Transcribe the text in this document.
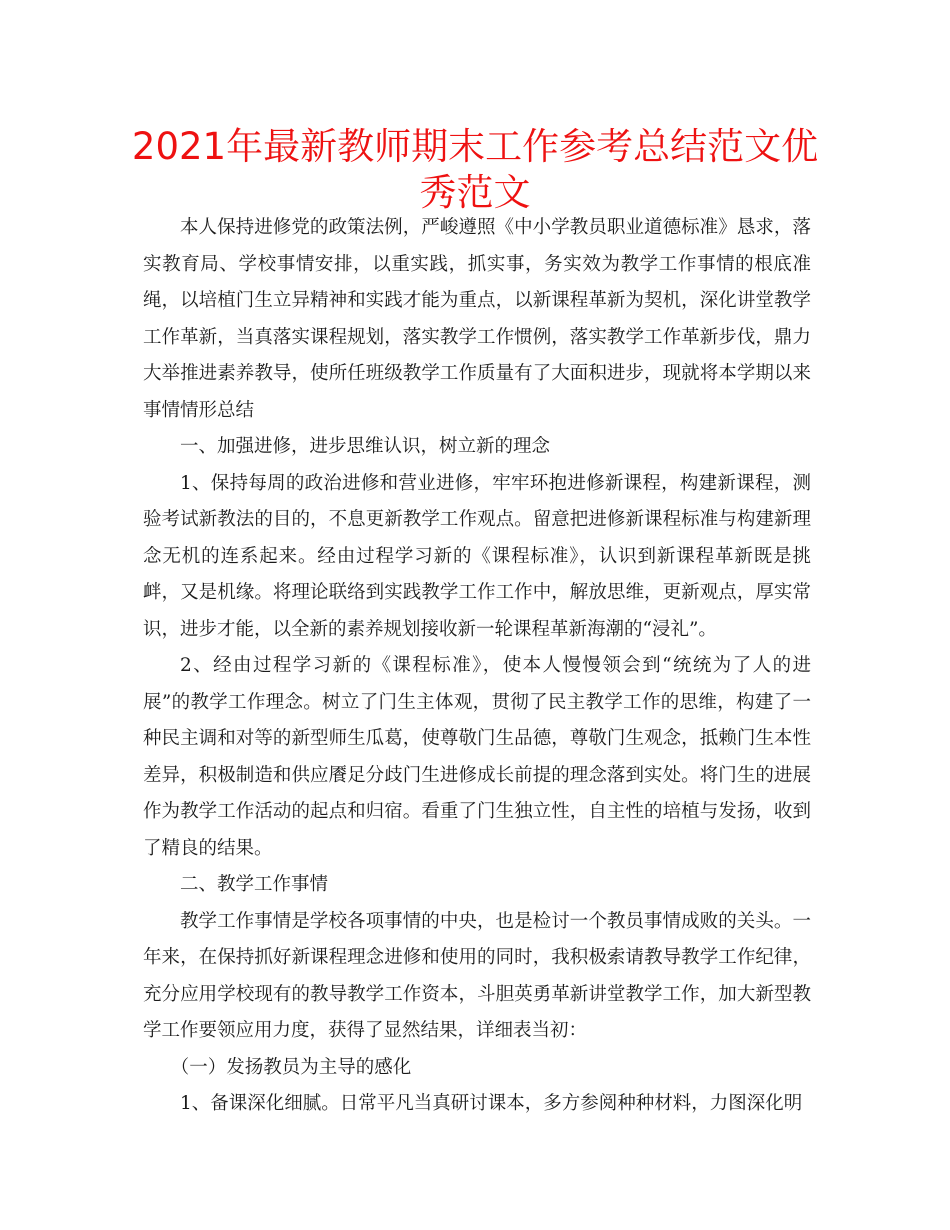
2021年最新教师期末工作参考总结范文优秀范文

本人保持进修党的政策法例，严峻遵照《中小学教员职业道德标准》恳求，落实教育局、学校事情安排，以重实践，抓实事，务实效为教学工作事情的根底准绳，以培植门生立异精神和实践才能为重点，以新课程革新为契机，深化讲堂教学工作革新，当真落实课程规划，落实教学工作惯例，落实教学工作革新步伐，鼎力大举推进素养教导，使所任班级教学工作质量有了大面积进步，现就将本学期以来事情情形总结

一、加强进修，进步思维认识，树立新的理念

1、保持每周的政治进修和营业进修，牢牢环抱进修新课程，构建新课程，测验考试新教法的目的，不息更新教学工作观点。留意把进修新课程标准与构建新理念无机的连系起来。经由过程学习新的《课程标准》，认识到新课程革新既是挑衅，又是机缘。将理论联络到实践教学工作工作中，解放思维，更新观点，厚实常识，进步才能，以全新的素养规划接收新一轮课程革新海潮的“浸礼”。

2、经由过程学习新的《课程标准》，使本人慢慢领会到“统统为了人的进展”的教学工作理念。树立了门生主体观，贯彻了民主教学工作的思维，构建了一种民主调和对等的新型师生瓜葛，使尊敬门生品德，尊敬门生观念，抵赖门生本性差异，积极制造和供应餍足分歧门生进修成长前提的理念落到实处。将门生的进展作为教学工作活动的起点和归宿。看重了门生独立性，自主性的培植与发扬，收到了精良的结果。

二、教学工作事情

教学工作事情是学校各项事情的中央，也是检讨一个教员事情成败的关头。一年来，在保持抓好新课程理念进修和使用的同时，我积极索请教导教学工作纪律，充分应用学校现有的教导教学工作资本，斗胆英勇革新讲堂教学工作，加大新型教学工作要领应用力度，获得了显然结果，详细表当初：

（一）发扬教员为主导的感化

1、备课深化细腻。日常平凡当真研讨课本，多方参阅种种材料，力图深化明
